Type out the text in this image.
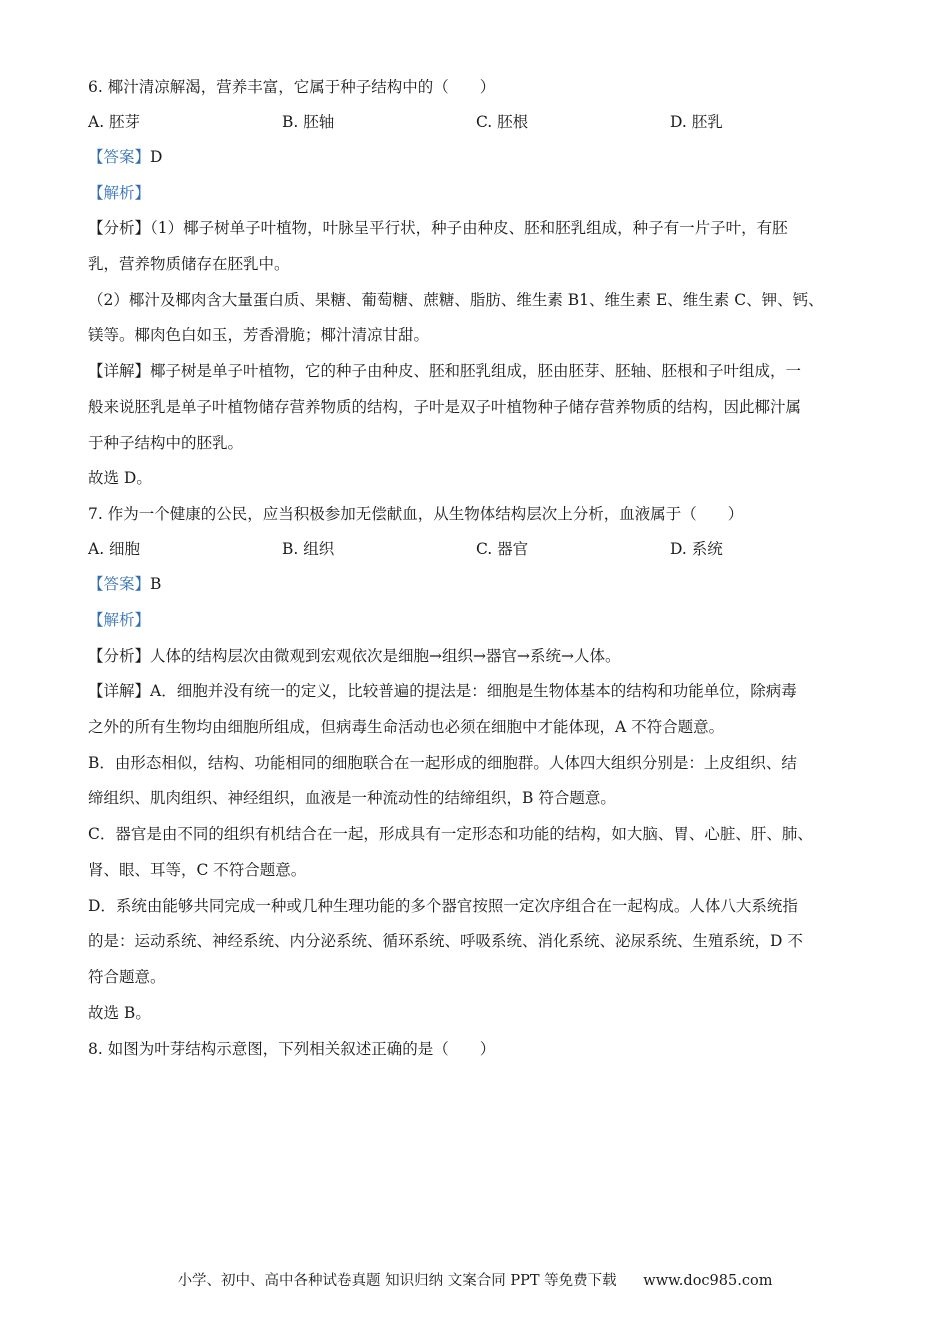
6. 椰汁清凉解渴，营养丰富，它属于种子结构中的（　　）
A. 胚芽	B. 胚轴	C. 胚根	D. 胚乳
【答案】D
【解析】
【分析】（1）椰子树单子叶植物，叶脉呈平行状，种子由种皮、胚和胚乳组成，种子有一片子叶，有胚
乳，营养物质储存在胚乳中。
（2）椰汁及椰肉含大量蛋白质、果糖、葡萄糖、蔗糖、脂肪、维生素 B1、维生素 E、维生素 C、钾、钙、
镁等。椰肉色白如玉，芳香滑脆；椰汁清凉甘甜。
【详解】椰子树是单子叶植物，它的种子由种皮、胚和胚乳组成，胚由胚芽、胚轴、胚根和子叶组成，一
般来说胚乳是单子叶植物储存营养物质的结构，子叶是双子叶植物种子储存营养物质的结构，因此椰汁属
于种子结构中的胚乳。
故选 D。
7. 作为一个健康的公民，应当积极参加无偿献血，从生物体结构层次上分析，血液属于（　　）
A. 细胞	B. 组织	C. 器官	D. 系统
【答案】B
【解析】
【分析】人体的结构层次由微观到宏观依次是细胞→组织→器官→系统→人体。
【详解】A．细胞并没有统一的定义，比较普遍的提法是：细胞是生物体基本的结构和功能单位，除病毒
之外的所有生物均由细胞所组成，但病毒生命活动也必须在细胞中才能体现，A 不符合题意。
B．由形态相似，结构、功能相同的细胞联合在一起形成的细胞群。人体四大组织分别是：上皮组织、结
缔组织、肌肉组织、神经组织，血液是一种流动性的结缔组织，B 符合题意。
C．器官是由不同的组织有机结合在一起，形成具有一定形态和功能的结构，如大脑、胃、心脏、肝、肺、
肾、眼、耳等，C 不符合题意。
D．系统由能够共同完成一种或几种生理功能的多个器官按照一定次序组合在一起构成。人体八大系统指
的是：运动系统、神经系统、内分泌系统、循环系统、呼吸系统、消化系统、泌尿系统、生殖系统，D 不
符合题意。
故选 B。
8. 如图为叶芽结构示意图，下列相关叙述正确的是（　　）
小学、初中、高中各种试卷真题 知识归纳 文案合同 PPT 等免费下载 www.doc985.com
